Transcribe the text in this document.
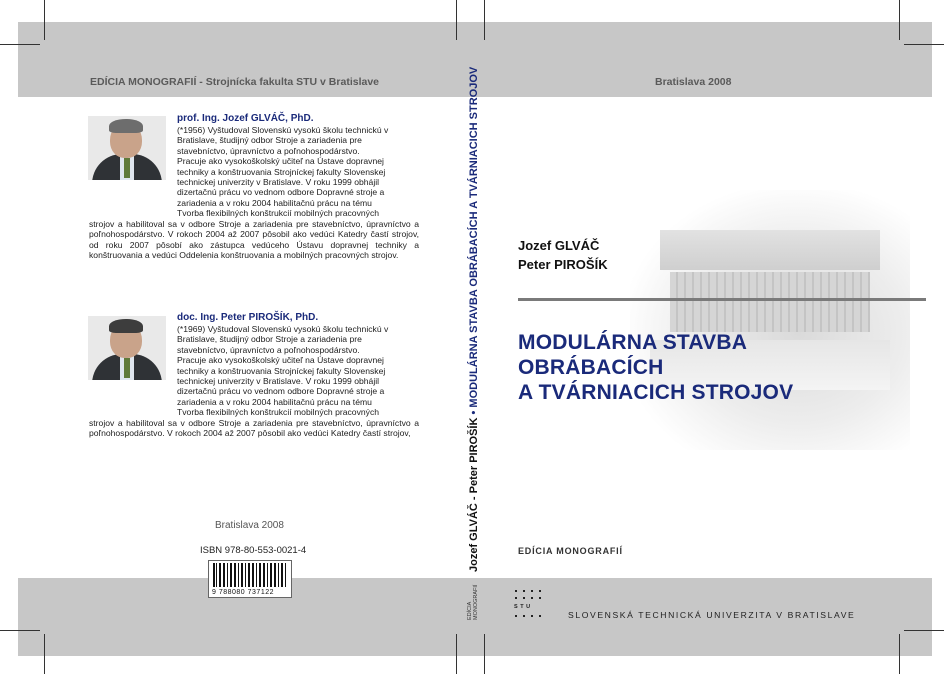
EDÍCIA MONOGRAFIÍ - Strojnícka fakulta STU v Bratislave	Bratislava 2008
prof. Ing. Jozef GLVÁČ, PhD.

(*1956) Vyštudoval Slovenskú vysokú školu technickú v

Bratislave, študijný odbor Stroje a zariadenia pre

stavebníctvo, úpravníctvo a poľnohospodárstvo.

Pracuje ako vysokoškolský učiteľ na Ústave dopravnej

techniky a konštruovania Strojníckej fakulty Slovenskej

technickej univerzity v Bratislave. V roku 1999 obhájil

dizertačnú prácu vo vednom odbore Dopravné stroje a

zariadenia a v roku 2004 habilitačnú prácu na tému

Tvorba flexibilných konštrukcií mobilných pracovných

strojov a habilitoval sa v odbore Stroje a zariadenia pre stavebníctvo, úpravníctvo a poľnohospodárstvo. V rokoch 2004 až 2007 pôsobil ako vedúci Katedry častí strojov, od roku 2007 pôsobí ako zástupca vedúceho Ústavu dopravnej techniky a konštruovania a vedúci Oddelenia konštruovania a mobilných pracovných strojov.
doc. Ing. Peter PIROŠÍK, PhD.

(*1969) Vyštudoval Slovenskú vysokú školu technickú v

Bratislave, študijný odbor Stroje a zariadenia pre

stavebníctvo, úpravníctvo a poľnohospodárstvo.

Pracuje ako vysokoškolský učiteľ na Ústave dopravnej

techniky a konštruovania Strojníckej fakulty Slovenskej

technickej univerzity v Bratislave. V roku 1999 obhájil

dizertačnú prácu vo vednom odbore Dopravné stroje a

zariadenia a v roku 2004 habilitačnú prácu na tému

Tvorba flexibilných konštrukcií mobilných pracovných

strojov a habilitoval sa v odbore Stroje a zariadenia pre stavebníctvo, úpravníctvo a poľnohospodárstvo. V rokoch 2004 až 2007 pôsobil ako vedúci Katedry častí strojov,
Bratislava 2008
ISBN 978-80-553-0021-4
9 788080 737122
Jozef GLVÁČ - Peter PIROŠÍK • MODULÁRNA STAVBA OBRÁBACÍCH A TVÁRNIACICH STROJOV
EDÍCIA MONOGRAFIÍ
Jozef GLVÁČ
Peter PIROŠÍK
MODULÁRNA STAVBA
OBRÁBACÍCH
A TVÁRNIACICH STROJOV
EDÍCIA MONOGRAFIÍ
S T U
SLOVENSKÁ TECHNICKÁ UNIVERZITA V BRATISLAVE
